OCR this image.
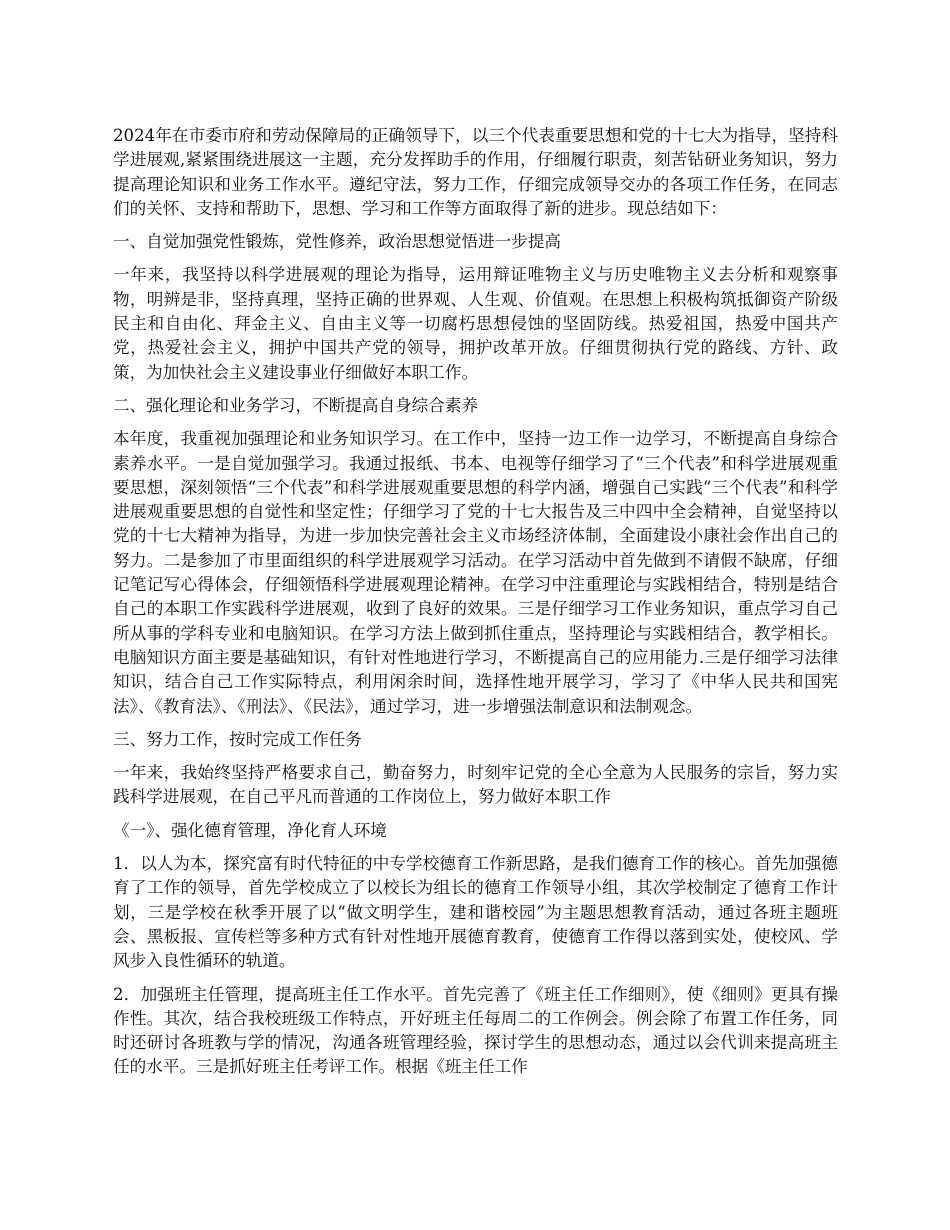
2024年在市委市府和劳动保障局的正确领导下，以三个代表重要思想和党的十七大为指导，坚持科学进展观,紧紧围绕进展这一主题，充分发挥助手的作用，仔细履行职责，刻苦钻研业务知识，努力提高理论知识和业务工作水平。遵纪守法，努力工作，仔细完成领导交办的各项工作任务，在同志们的关怀、支持和帮助下，思想、学习和工作等方面取得了新的进步。现总结如下：

一、自觉加强党性锻炼，党性修养，政治思想觉悟进一步提高

一年来，我坚持以科学进展观的理论为指导，运用辩证唯物主义与历史唯物主义去分析和观察事物，明辨是非，坚持真理，坚持正确的世界观、人生观、价值观。在思想上积极构筑抵御资产阶级民主和自由化、拜金主义、自由主义等一切腐朽思想侵蚀的坚固防线。热爱祖国，热爱中国共产党，热爱社会主义，拥护中国共产党的领导，拥护改革开放。仔细贯彻执行党的路线、方针、政策，为加快社会主义建设事业仔细做好本职工作。

二、强化理论和业务学习，不断提高自身综合素养

本年度，我重视加强理论和业务知识学习。在工作中，坚持一边工作一边学习，不断提高自身综合素养水平。一是自觉加强学习。我通过报纸、书本、电视等仔细学习了“三个代表”和科学进展观重要思想，深刻领悟“三个代表”和科学进展观重要思想的科学内涵，增强自己实践“三个代表”和科学进展观重要思想的自觉性和坚定性；仔细学习了党的十七大报告及三中四中全会精神，自觉坚持以党的十七大精神为指导，为进一步加快完善社会主义市场经济体制，全面建设小康社会作出自己的努力。二是参加了市里面组织的科学进展观学习活动。在学习活动中首先做到不请假不缺席，仔细记笔记写心得体会，仔细领悟科学进展观理论精神。在学习中注重理论与实践相结合，特别是结合自己的本职工作实践科学进展观，收到了良好的效果。三是仔细学习工作业务知识，重点学习自己所从事的学科专业和电脑知识。在学习方法上做到抓住重点，坚持理论与实践相结合，教学相长。电脑知识方面主要是基础知识，有针对性地进行学习，不断提高自己的应用能力.三是仔细学习法律知识，结合自己工作实际特点，利用闲余时间，选择性地开展学习，学习了《中华人民共和国宪法》、《教育法》、《刑法》、《民法》，通过学习，进一步增强法制意识和法制观念。

三、努力工作，按时完成工作任务

一年来，我始终坚持严格要求自己，勤奋努力，时刻牢记党的全心全意为人民服务的宗旨，努力实践科学进展观，在自己平凡而普通的工作岗位上，努力做好本职工作

《一》、强化德育管理，净化育人环境

1．以人为本，探究富有时代特征的中专学校德育工作新思路，是我们德育工作的核心。首先加强德育了工作的领导，首先学校成立了以校长为组长的德育工作领导小组，其次学校制定了德育工作计划，三是学校在秋季开展了以“做文明学生，建和谐校园”为主题思想教育活动，通过各班主题班会、黑板报、宣传栏等多种方式有针对性地开展德育教育，使德育工作得以落到实处，使校风、学风步入良性循环的轨道。

2．加强班主任管理，提高班主任工作水平。首先完善了《班主任工作细则》，使《细则》更具有操作性。其次，结合我校班级工作特点，开好班主任每周二的工作例会。例会除了布置工作任务，同时还研讨各班教与学的情况，沟通各班管理经验，探讨学生的思想动态，通过以会代训来提高班主任的水平。三是抓好班主任考评工作。根据《班主任工作
